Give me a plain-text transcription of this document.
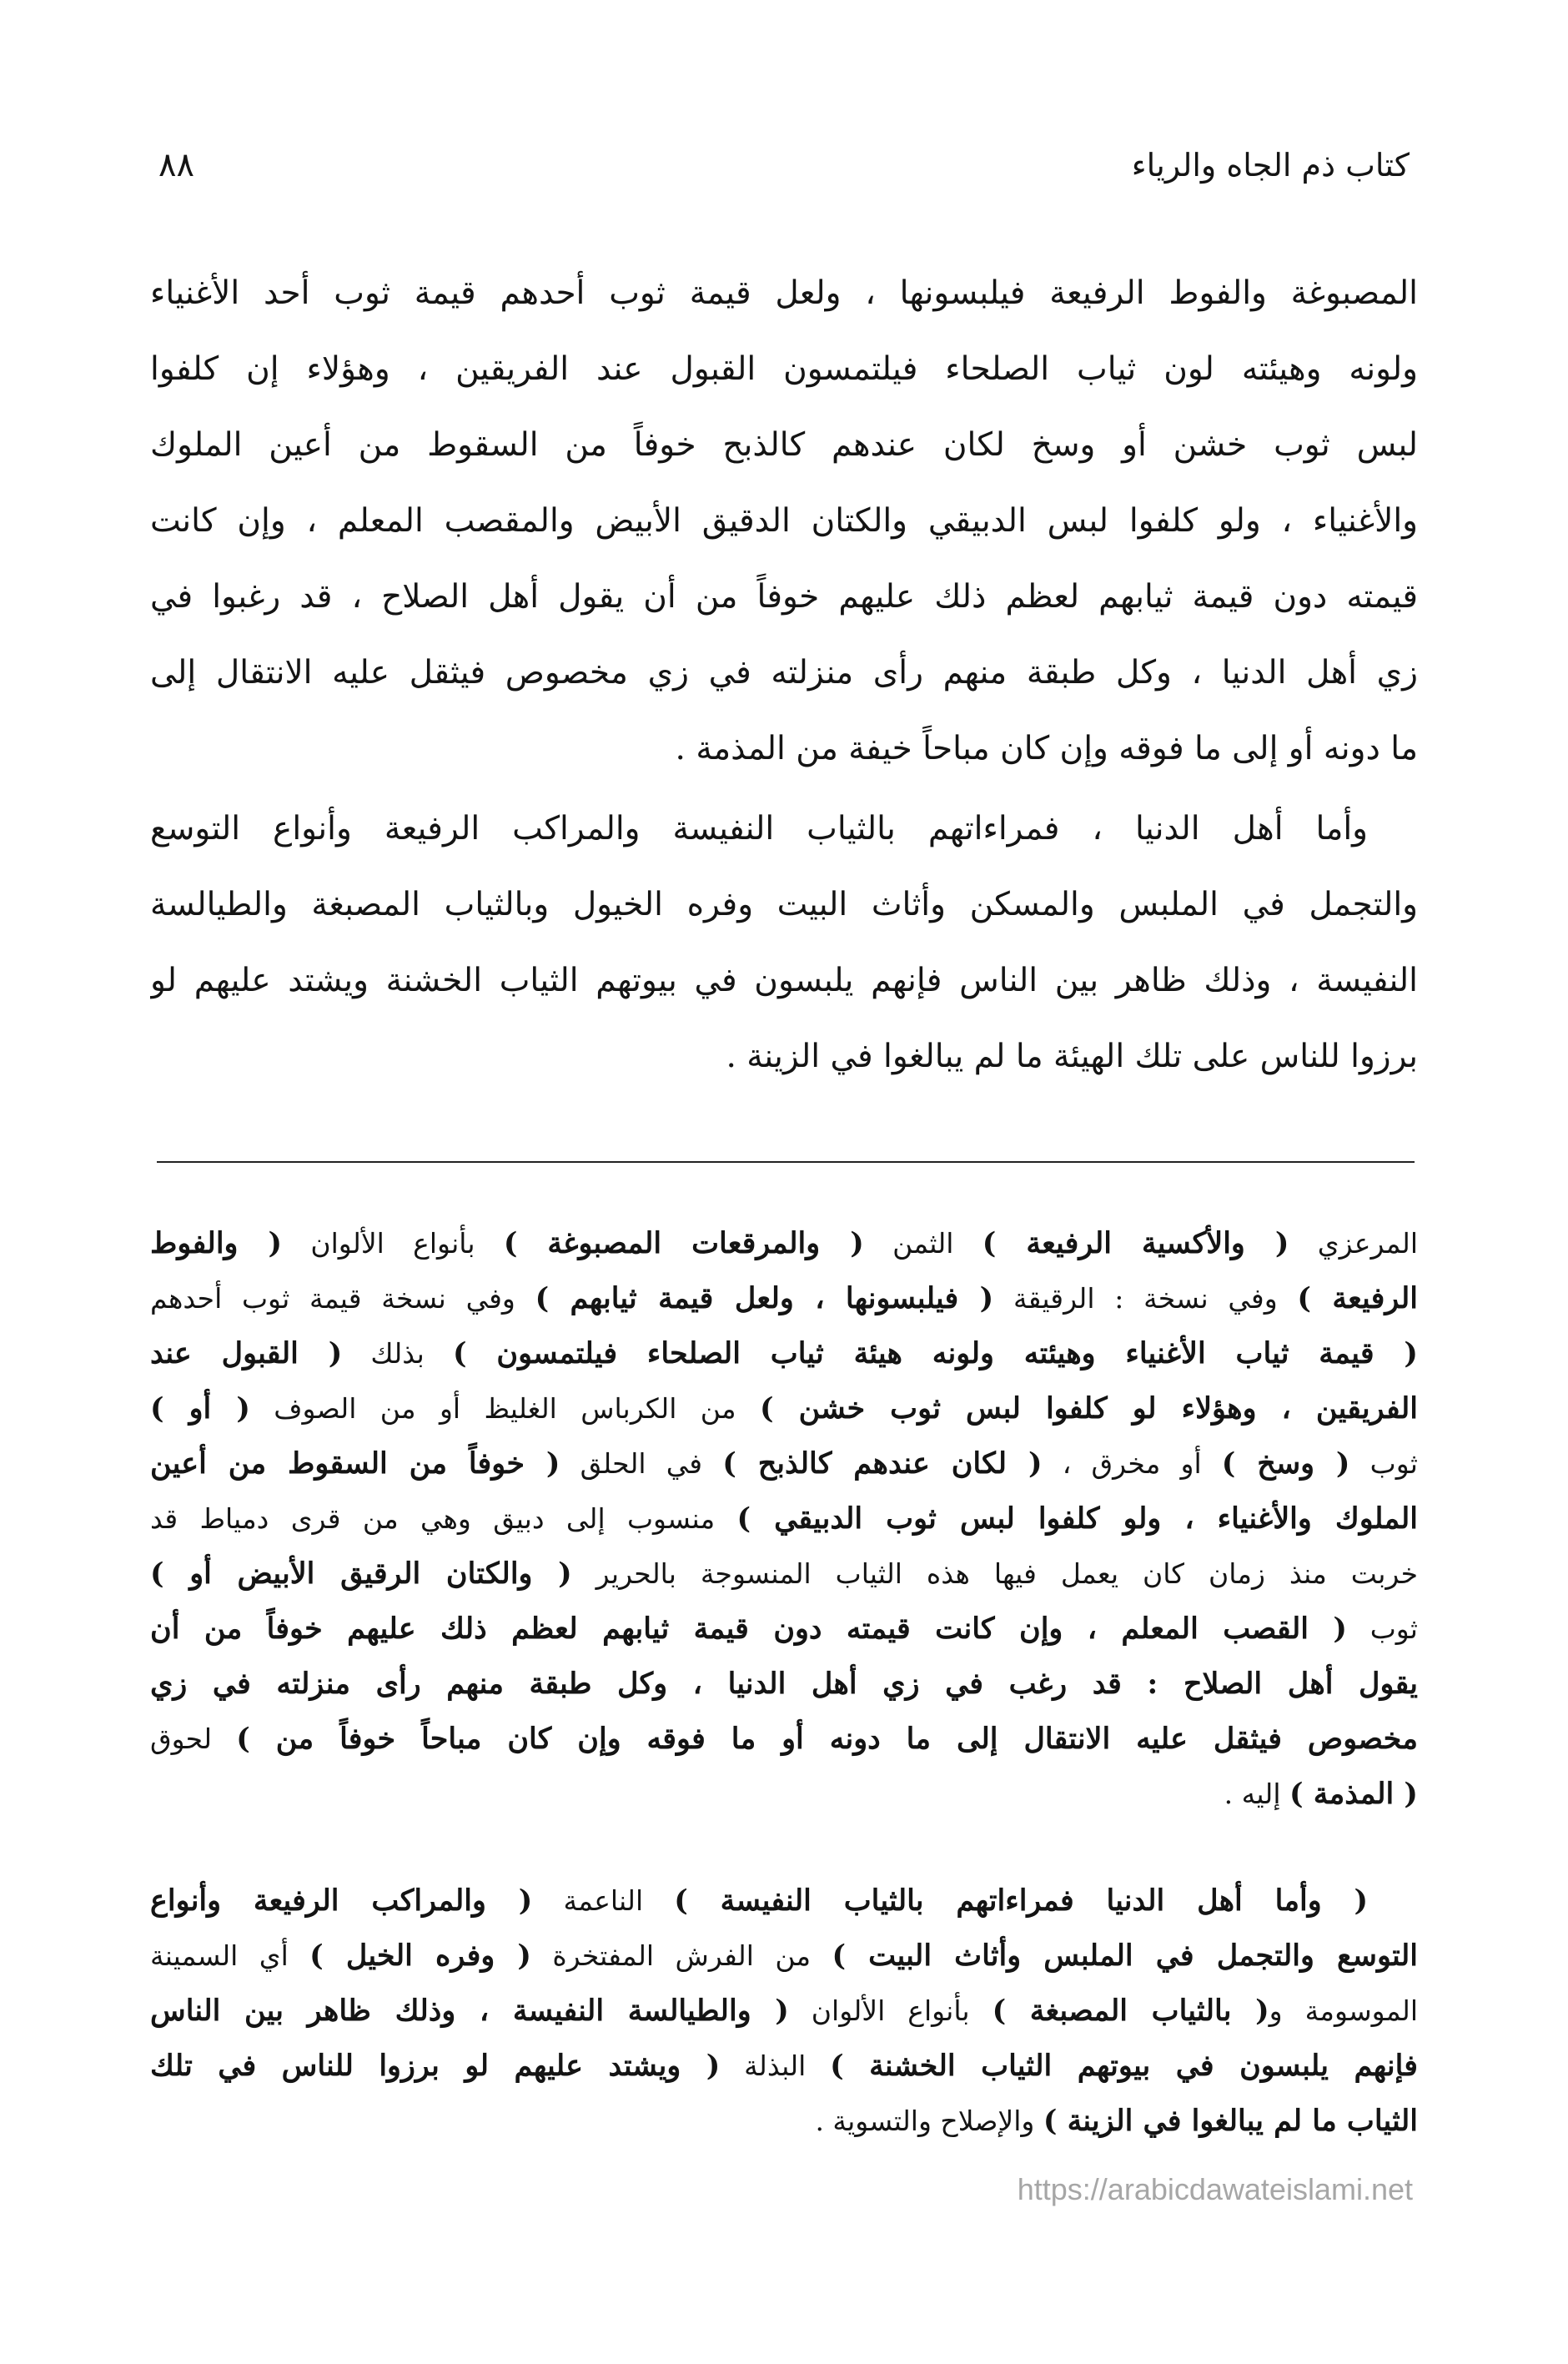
كتاب ذم الجاه والرياء
٨٨
المصبوغة والفوط الرفيعة فيلبسونها ، ولعل قيمة ثوب أحدهم قيمة ثوب أحد الأغنياء
ولونه وهيئته لون ثياب الصلحاء فيلتمسون القبول عند الفريقين ، وهؤلاء إن كلفوا
لبس ثوب خشن أو وسخ لكان عندهم كالذبح خوفاً من السقوط من أعين الملوك
والأغنياء ، ولو كلفوا لبس الدبيقي والكتان الدقيق الأبيض والمقصب المعلم ، وإن كانت
قيمته دون قيمة ثيابهم لعظم ذلك عليهم خوفاً من أن يقول أهل الصلاح ، قد رغبوا في
زي أهل الدنيا ، وكل طبقة منهم رأى منزلته في زي مخصوص فيثقل عليه الانتقال إلى
ما دونه أو إلى ما فوقه وإن كان مباحاً خيفة من المذمة .
وأما أهل الدنيا ، فمراءاتهم بالثياب النفيسة والمراكب الرفيعة وأنواع التوسع
والتجمل في الملبس والمسكن وأثاث البيت وفره الخيول وبالثياب المصبغة والطيالسة
النفيسة ، وذلك ظاهر بين الناس فإنهم يلبسون في بيوتهم الثياب الخشنة ويشتد عليهم لو
برزوا للناس على تلك الهيئة ما لم يبالغوا في الزينة .
المرعزي ( والأكسية الرفيعة ) الثمن ( والمرقعات المصبوغة ) بأنواع الألوان ( والفوط
الرفيعة ) وفي نسخة : الرقيقة ( فيلبسونها ، ولعل قيمة ثيابهم ) وفي نسخة قيمة ثوب أحدهم
( قيمة ثياب الأغنياء وهيئته ولونه هيئة ثياب الصلحاء فيلتمسون ) بذلك ( القبول عند
الفريقين ، وهؤلاء لو كلفوا لبس ثوب خشن ) من الكرباس الغليظ أو من الصوف ( أو )
ثوب ( وسخ ) أو مخرق ، ( لكان عندهم كالذبح ) في الحلق ( خوفاً من السقوط من أعين
الملوك والأغنياء ، ولو كلفوا لبس ثوب الدبيقي ) منسوب إلى دبيق وهي من قرى دمياط قد
خربت منذ زمان كان يعمل فيها هذه الثياب المنسوجة بالحرير ( والكتان الرقيق الأبيض أو )
ثوب ( القصب المعلم ، وإن كانت قيمته دون قيمة ثيابهم لعظم ذلك عليهم خوفاً من أن
يقول أهل الصلاح : قد رغب في زي أهل الدنيا ، وكل طبقة منهم رأى منزلته في زي
مخصوص فيثقل عليه الانتقال إلى ما دونه أو ما فوقه وإن كان مباحاً خوفاً من ) لحوق
( المذمة ) إليه .
( وأما أهل الدنيا فمراءاتهم بالثياب النفيسة ) الناعمة ( والمراكب الرفيعة وأنواع
التوسع والتجمل في الملبس وأثاث البيت ) من الفرش المفتخرة ( وفره الخيل ) أي السمينة
الموسومة و( بالثياب المصبغة ) بأنواع الألوان ( والطيالسة النفيسة ، وذلك ظاهر بين الناس
فإنهم يلبسون في بيوتهم الثياب الخشنة ) البذلة ( ويشتد عليهم لو برزوا للناس في تلك
الثياب ما لم يبالغوا في الزينة ) والإصلاح والتسوية .
https://arabicdawateislami.net
